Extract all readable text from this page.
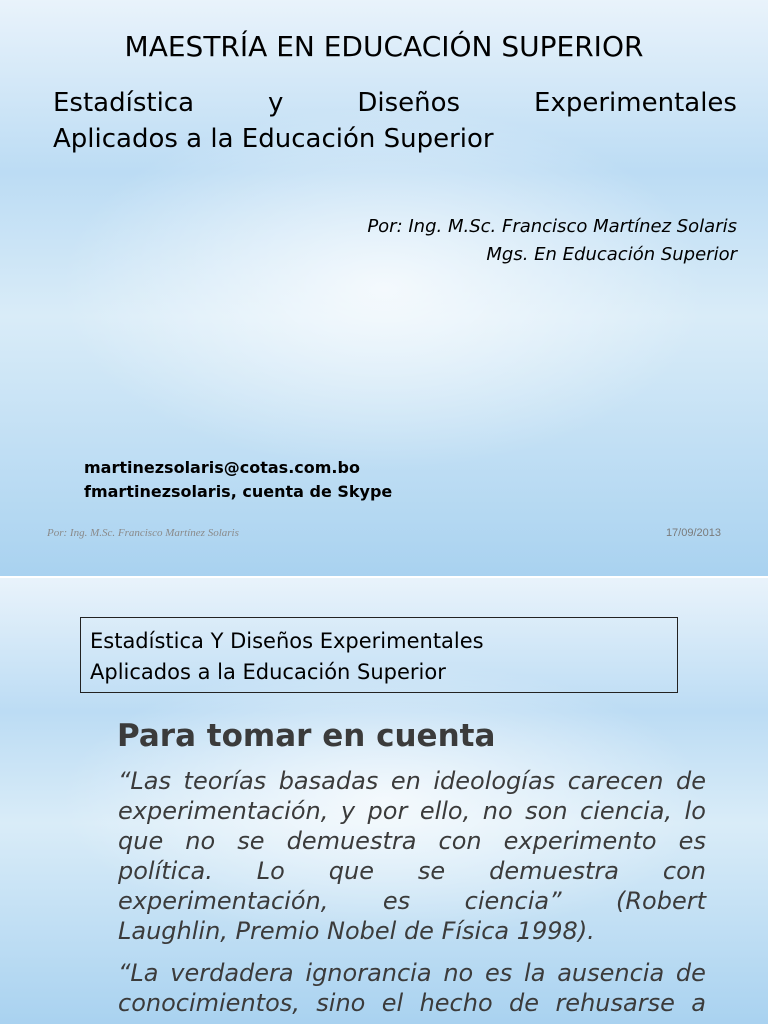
MAESTRÍA EN EDUCACIÓN SUPERIOR
Estadística	y	Diseños	Experimentales
Aplicados a la Educación Superior
Por: Ing. M.Sc. Francisco Martínez Solaris
Mgs. En Educación Superior
martinezsolaris@cotas.com.bo
fmartinezsolaris, cuenta de Skype
Por: Ing. M.Sc. Francisco Martínez Solaris	17/09/2013
Estadística Y Diseños Experimentales
Aplicados a la Educación Superior
Para tomar en cuenta
“Las teorías basadas en ideologías carecen de
experimentación, y por ello, no son ciencia, lo
que no se demuestra con experimento es
política. Lo que se demuestra con
experimentación, es ciencia” (Robert
Laughlin, Premio Nobel de Física 1998).
“La verdadera ignorancia no es la ausencia de
conocimientos, sino el hecho de rehusarse a
